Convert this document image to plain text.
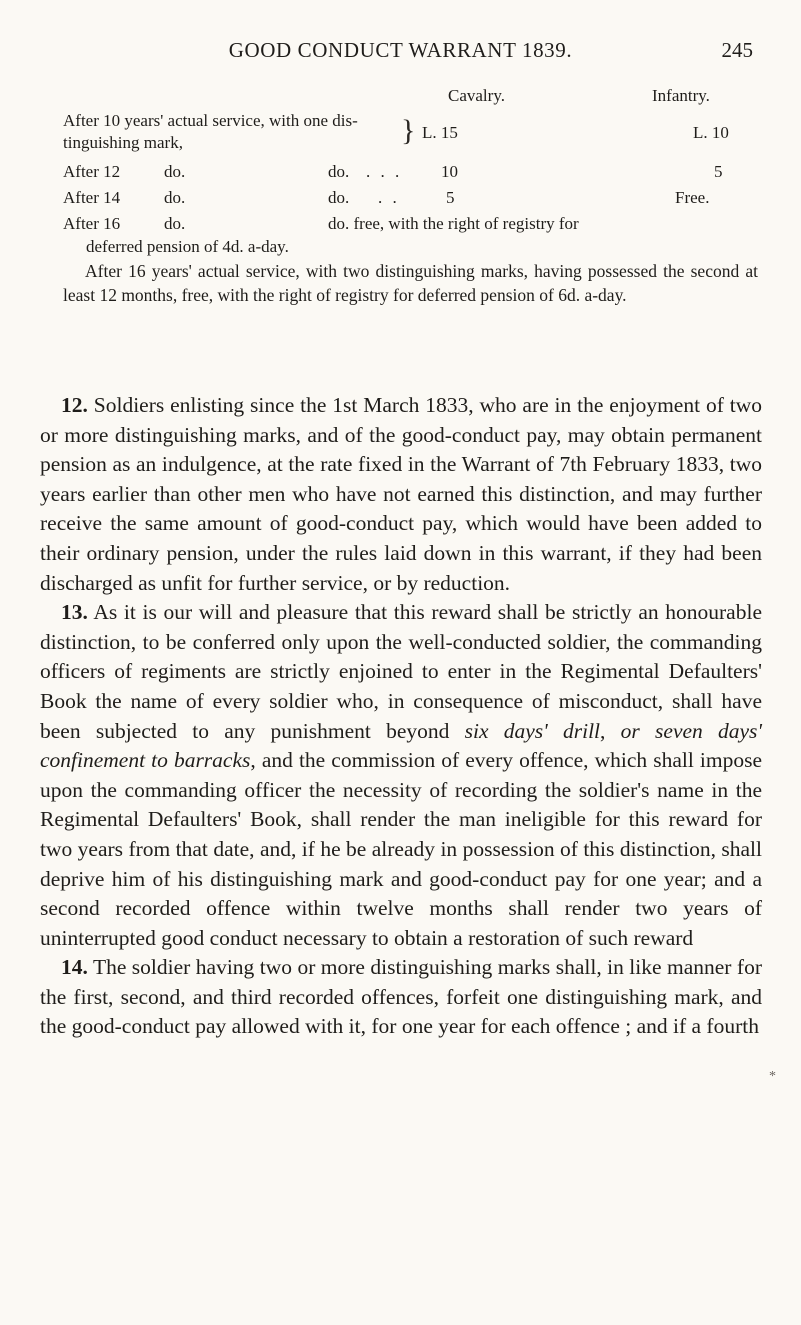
GOOD CONDUCT WARRANT 1839.	245
Cavalry.	Infantry.
After 10 years' actual service, with one dis-
tinguishing mark,	} L. 15	L. 10
After 12	do.	do. . . . 10	5
After 14	do.	do. . .	5	Free.
After 16	do.	do. free, with the right of registry for
deferred pension of 4d. a-day.

After 16 years' actual service, with two distinguishing marks, having possessed the second at least 12 months, free, with the right of registry for deferred pension of 6d. a-day.

12. Soldiers enlisting since the 1st March 1833, who are in the enjoyment of two or more distinguishing marks, and of the good-conduct pay, may obtain permanent pension as an indulgence, at the rate fixed in the Warrant of 7th February 1833, two years earlier than other men who have not earned this distinction, and may further receive the same amount of good-conduct pay, which would have been added to their ordinary pension, under the rules laid down in this warrant, if they had been discharged as unfit for further service, or by reduction.

13. As it is our will and pleasure that this reward shall be strictly an honourable distinction, to be conferred only upon the well-conducted soldier, the commanding officers of regiments are strictly enjoined to enter in the Regimental Defaulters' Book the name of every soldier who, in consequence of misconduct, shall have been subjected to any punishment beyond six days' drill, or seven days' confinement to barracks, and the commission of every offence, which shall impose upon the commanding officer the necessity of recording the soldier's name in the Regimental Defaulters' Book, shall render the man ineligible for this reward for two years from that date, and, if he be already in possession of this distinction, shall deprive him of his distinguishing mark and good-conduct pay for one year; and a second recorded offence within twelve months shall render two years of uninterrupted good conduct necessary to obtain a restoration of such reward

14. The soldier having two or more distinguishing marks shall, in like manner for the first, second, and third recorded offences, forfeit one distinguishing mark, and the good-conduct pay allowed with it, for one year for each offence ; and if a fourth

*
